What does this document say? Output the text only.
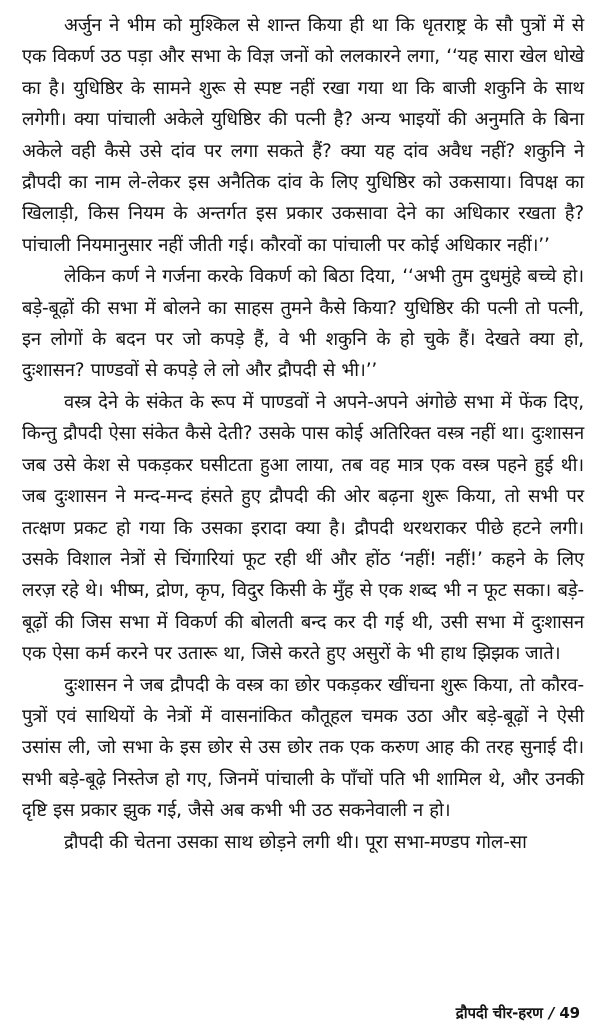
अर्जुन ने भीम को मुश्किल से शान्त किया ही था कि धृतराष्ट्र के सौ पुत्रों में से एक विकर्ण उठ पड़ा और सभा के विज्ञ जनों को ललकारने लगा, ‘‘यह सारा खेल धोखे का है। युधिष्ठिर के सामने शुरू से स्पष्ट नहीं रखा गया था कि बाजी शकुनि के साथ लगेगी। क्या पांचाली अकेले युधिष्ठिर की पत्नी है? अन्य भाइयों की अनुमति के बिना अकेले वही कैसे उसे दांव पर लगा सकते हैं? क्या यह दांव अवैध नहीं? शकुनि ने द्रौपदी का नाम ले-लेकर इस अनैतिक दांव के लिए युधिष्ठिर को उकसाया। विपक्ष का खिलाड़ी, किस नियम के अन्तर्गत इस प्रकार उकसावा देने का अधिकार रखता है? पांचाली नियमानुसार नहीं जीती गई। कौरवों का पांचाली पर कोई अधिकार नहीं।’’

लेकिन कर्ण ने गर्जना करके विकर्ण को बिठा दिया, ‘‘अभी तुम दुधमुंहे बच्चे हो। बड़े-बूढ़ों की सभा में बोलने का साहस तुमने कैसे किया? युधिष्ठिर की पत्नी तो पत्नी, इन लोगों के बदन पर जो कपड़े हैं, वे भी शकुनि के हो चुके हैं। देखते क्या हो, दुःशासन? पाण्डवों से कपड़े ले लो और द्रौपदी से भी।’’

वस्त्र देने के संकेत के रूप में पाण्डवों ने अपने-अपने अंगोछे सभा में फेंक दिए, किन्तु द्रौपदी ऐसा संकेत कैसे देती? उसके पास कोई अतिरिक्त वस्त्र नहीं था। दुःशासन जब उसे केश से पकड़कर घसीटता हुआ लाया, तब वह मात्र एक वस्त्र पहने हुई थी। जब दुःशासन ने मन्द-मन्द हंसते हुए द्रौपदी की ओर बढ़ना शुरू किया, तो सभी पर तत्क्षण प्रकट हो गया कि उसका इरादा क्या है। द्रौपदी थरथराकर पीछे हटने लगी। उसके विशाल नेत्रों से चिंगारियां फूट रही थीं और होंठ ‘नहीं! नहीं!’ कहने के लिए लरज़ रहे थे। भीष्म, द्रोण, कृप, विदुर किसी के मुँह से एक शब्द भी न फूट सका। बड़े-बूढ़ों की जिस सभा में विकर्ण की बोलती बन्द कर दी गई थी, उसी सभा में दुःशासन एक ऐसा कर्म करने पर उतारू था, जिसे करते हुए असुरों के भी हाथ झिझक जाते।

दुःशासन ने जब द्रौपदी के वस्त्र का छोर पकड़कर खींचना शुरू किया, तो कौरव-पुत्रों एवं साथियों के नेत्रों में वासनांकित कौतूहल चमक उठा और बड़े-बूढ़ों ने ऐसी उसांस ली, जो सभा के इस छोर से उस छोर तक एक करुण आह की तरह सुनाई दी। सभी बड़े-बूढ़े निस्तेज हो गए, जिनमें पांचाली के पाँचों पति भी शामिल थे, और उनकी दृष्टि इस प्रकार झुक गई, जैसे अब कभी भी उठ सकनेवाली न हो।

द्रौपदी की चेतना उसका साथ छोड़ने लगी थी। पूरा सभा-मण्डप गोल-सा

द्रौपदी चीर-हरण / 49
